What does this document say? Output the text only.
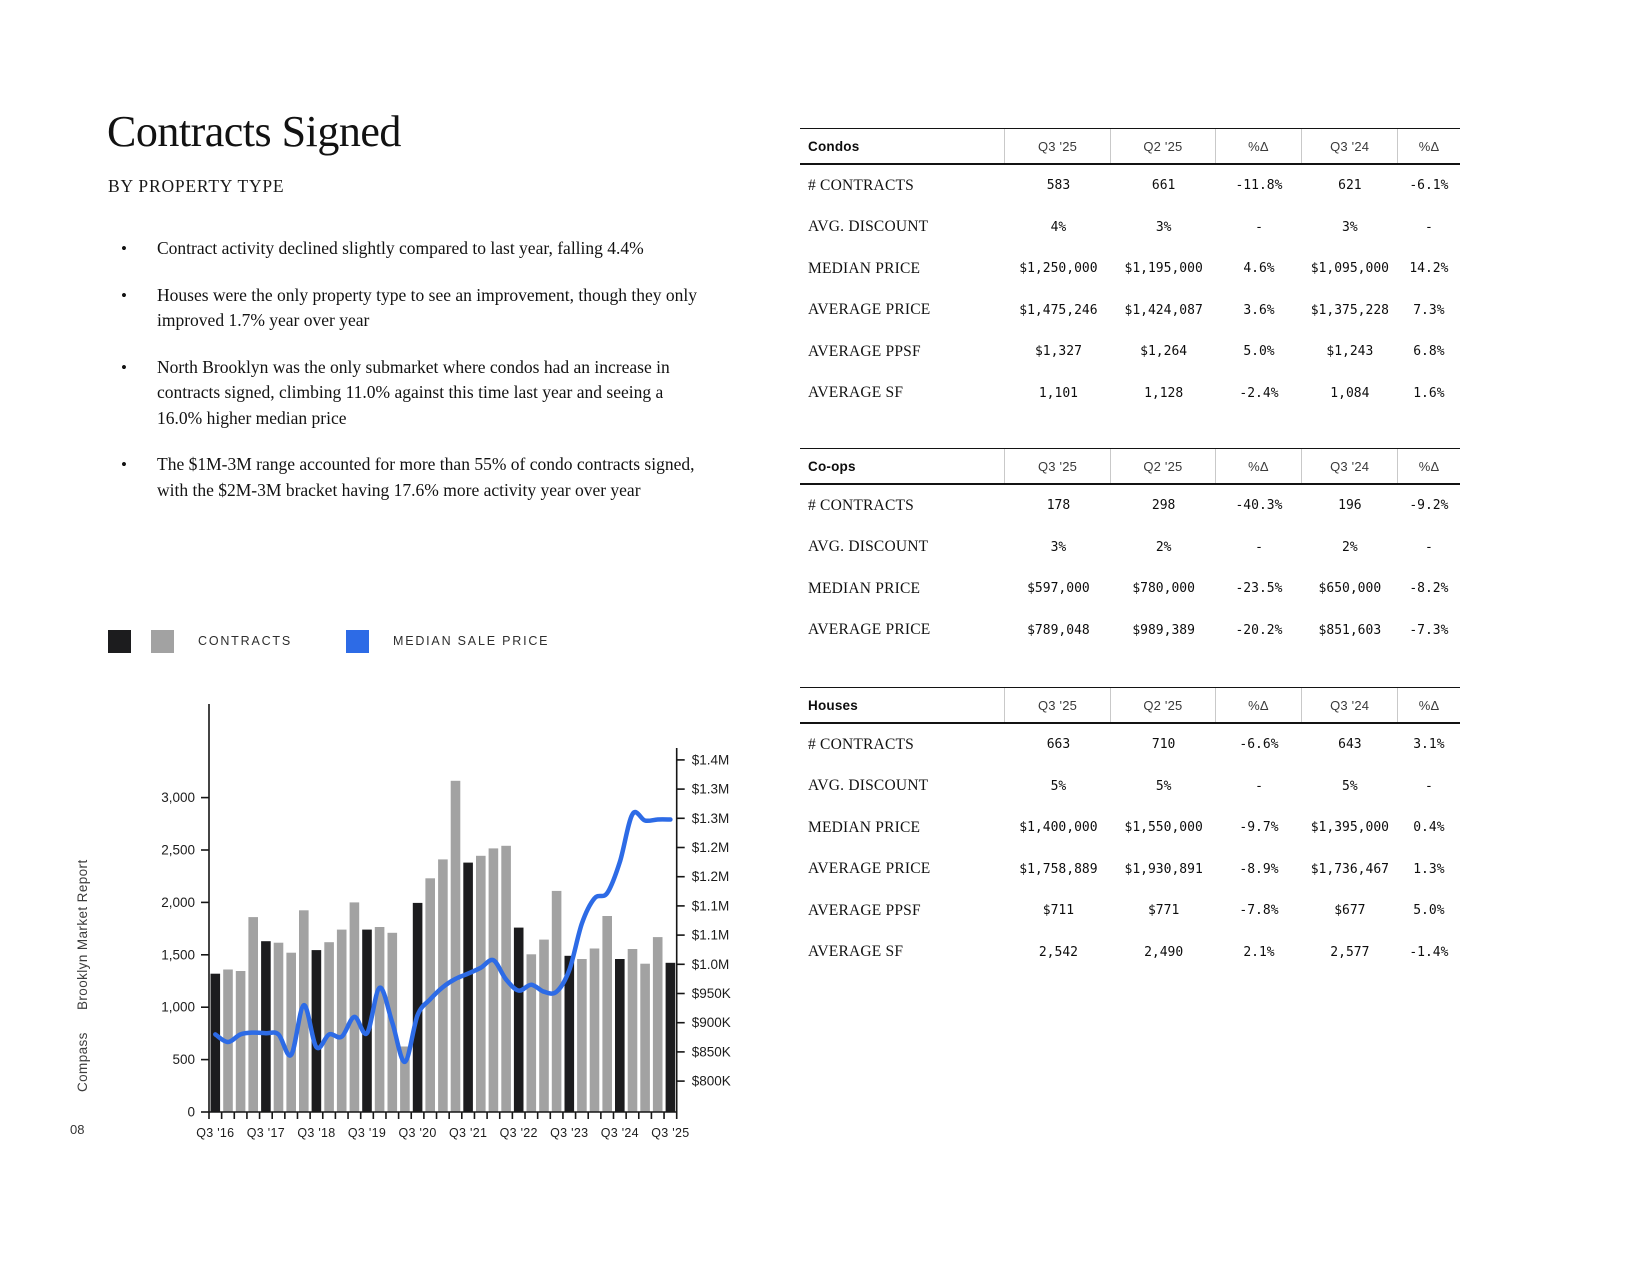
Brooklyn Market Report
Compass
08
Contracts Signed
BY PROPERTY TYPE
• Contract activity declined slightly compared to last year, falling 4.4%
• Houses were the only property type to see an improvement, though they only improved 1.7% year over year
• North Brooklyn was the only submarket where condos had an increase in contracts signed, climbing 11.0% against this time last year and seeing a 16.0% higher median price
• The $1M-3M range accounted for more than 55% of condo contracts signed, with the $2M-3M bracket having 17.6% more activity year over year
CONTRACTS	MEDIAN SALE PRICE
0
500
1,000
1,500
2,000
2,500
3,000
$800K
$850K
$900K
$950K
$1.0M
$1.1M
$1.1M
$1.2M
$1.2M
$1.3M
$1.3M
$1.4M
Q3 '16 Q3 '17 Q3 '18 Q3 '19 Q3 '20 Q3 '21 Q3 '22 Q3 '23 Q3 '24 Q3 '25
Condos	Q3 '25	Q2 '25	%Δ	Q3 '24	%Δ
# CONTRACTS	583	661	-11.8%	621	-6.1%
AVG. DISCOUNT	4%	3%	-	3%	-
MEDIAN PRICE	$1,250,000	$1,195,000	4.6%	$1,095,000	14.2%
AVERAGE PRICE	$1,475,246	$1,424,087	3.6%	$1,375,228	7.3%
AVERAGE PPSF	$1,327	$1,264	5.0%	$1,243	6.8%
AVERAGE SF	1,101	1,128	-2.4%	1,084	1.6%
Co-ops	Q3 '25	Q2 '25	%Δ	Q3 '24	%Δ
# CONTRACTS	178	298	-40.3%	196	-9.2%
AVG. DISCOUNT	3%	2%	-	2%	-
MEDIAN PRICE	$597,000	$780,000	-23.5%	$650,000	-8.2%
AVERAGE PRICE	$789,048	$989,389	-20.2%	$851,603	-7.3%
Houses	Q3 '25	Q2 '25	%Δ	Q3 '24	%Δ
# CONTRACTS	663	710	-6.6%	643	3.1%
AVG. DISCOUNT	5%	5%	-	5%	-
MEDIAN PRICE	$1,400,000	$1,550,000	-9.7%	$1,395,000	0.4%
AVERAGE PRICE	$1,758,889	$1,930,891	-8.9%	$1,736,467	1.3%
AVERAGE PPSF	$711	$771	-7.8%	$677	5.0%
AVERAGE SF	2,542	2,490	2.1%	2,577	-1.4%
